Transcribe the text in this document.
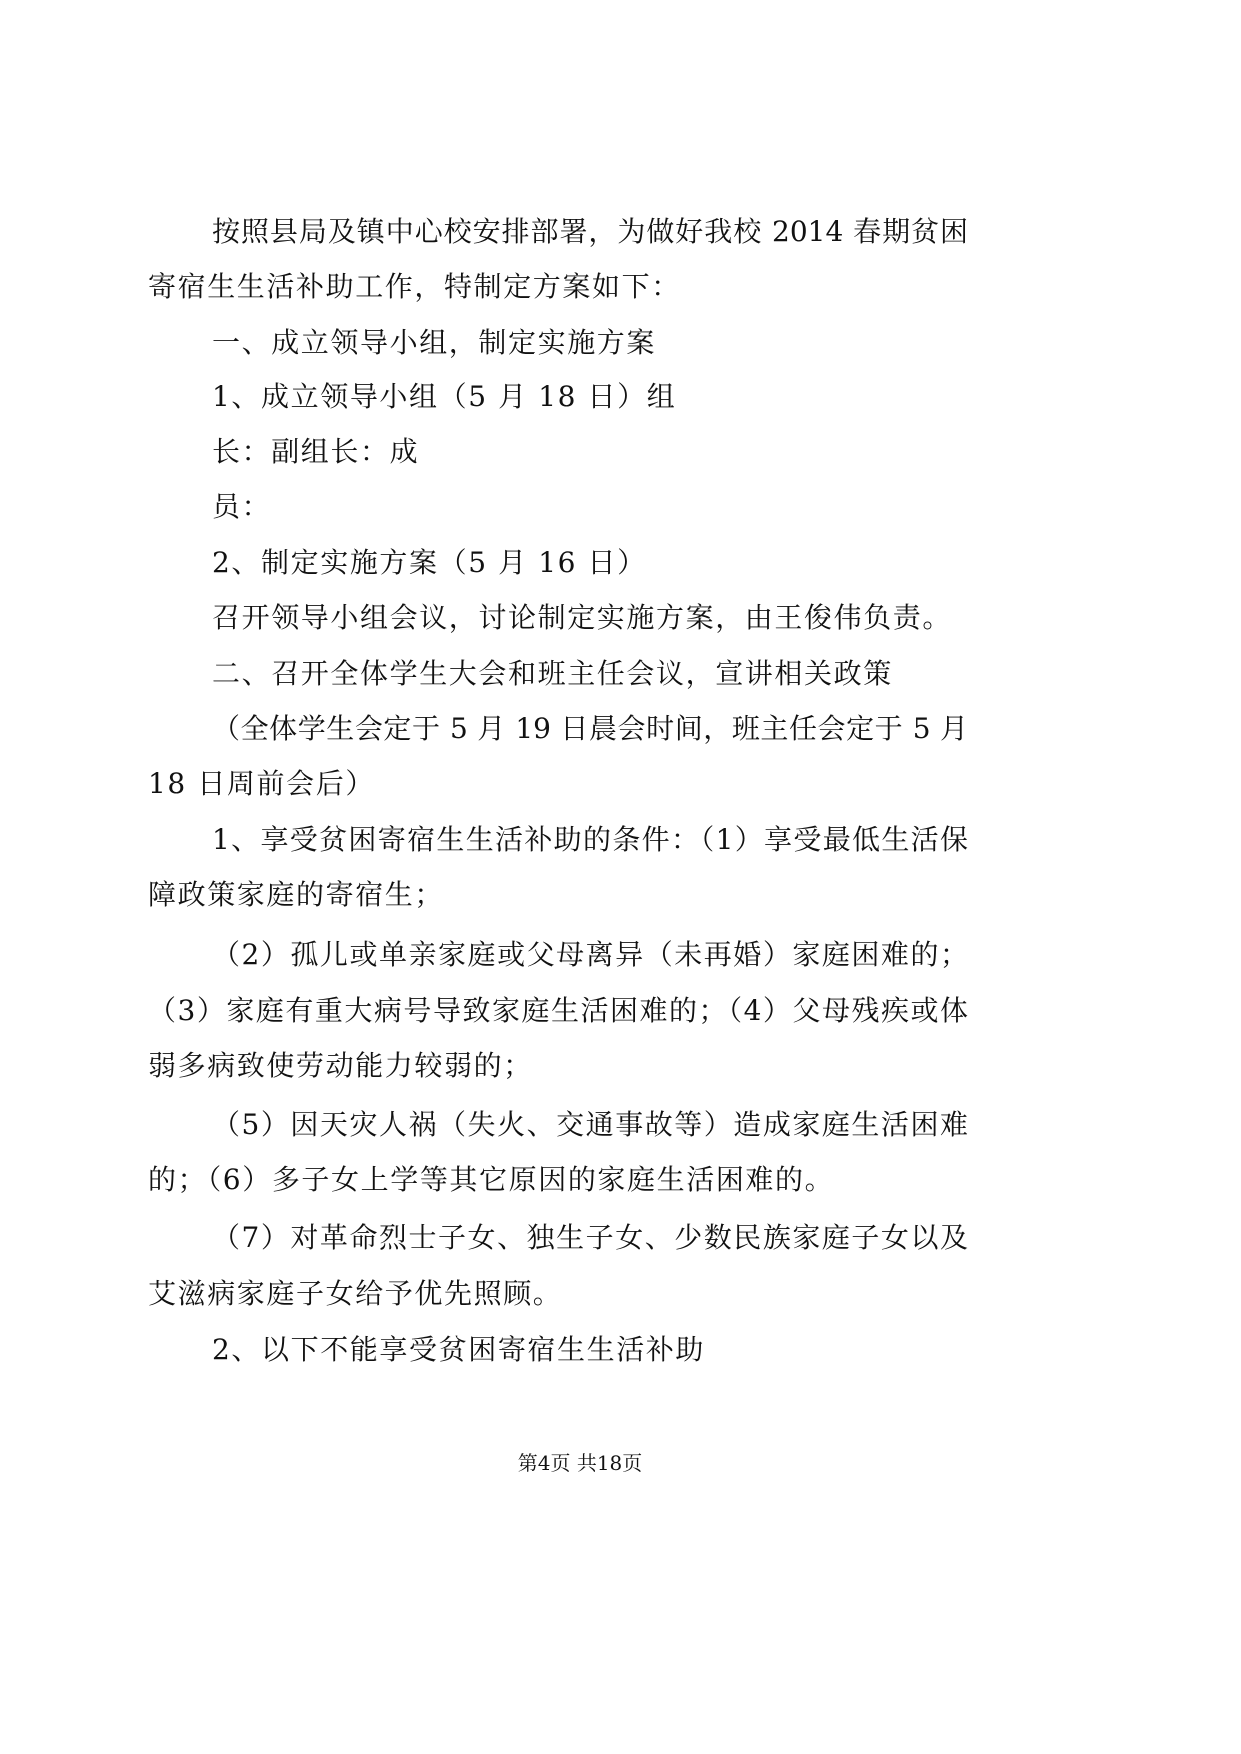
按照县局及镇中心校安排部署，为做好我校 2014 春期贫困
寄宿生生活补助工作，特制定方案如下：
一、成立领导小组，制定实施方案
1、成立领导小组（5 月 18 日）组
长：副组长：成
员：
2、制定实施方案（5 月 16 日）
召开领导小组会议，讨论制定实施方案，由王俊伟负责。
二、召开全体学生大会和班主任会议，宣讲相关政策
（全体学生会定于 5 月 19 日晨会时间，班主任会定于 5 月
18 日周前会后）
1、享受贫困寄宿生生活补助的条件：（1）享受最低生活保
障政策家庭的寄宿生；
（2）孤儿或单亲家庭或父母离异（未再婚）家庭困难的；
（3）家庭有重大病号导致家庭生活困难的；（4）父母残疾或体
弱多病致使劳动能力较弱的；
（5）因天灾人祸（失火、交通事故等）造成家庭生活困难
的；（6）多子女上学等其它原因的家庭生活困难的。
（7）对革命烈士子女、独生子女、少数民族家庭子女以及
艾滋病家庭子女给予优先照顾。
2、以下不能享受贫困寄宿生生活补助
第4页 共18页
